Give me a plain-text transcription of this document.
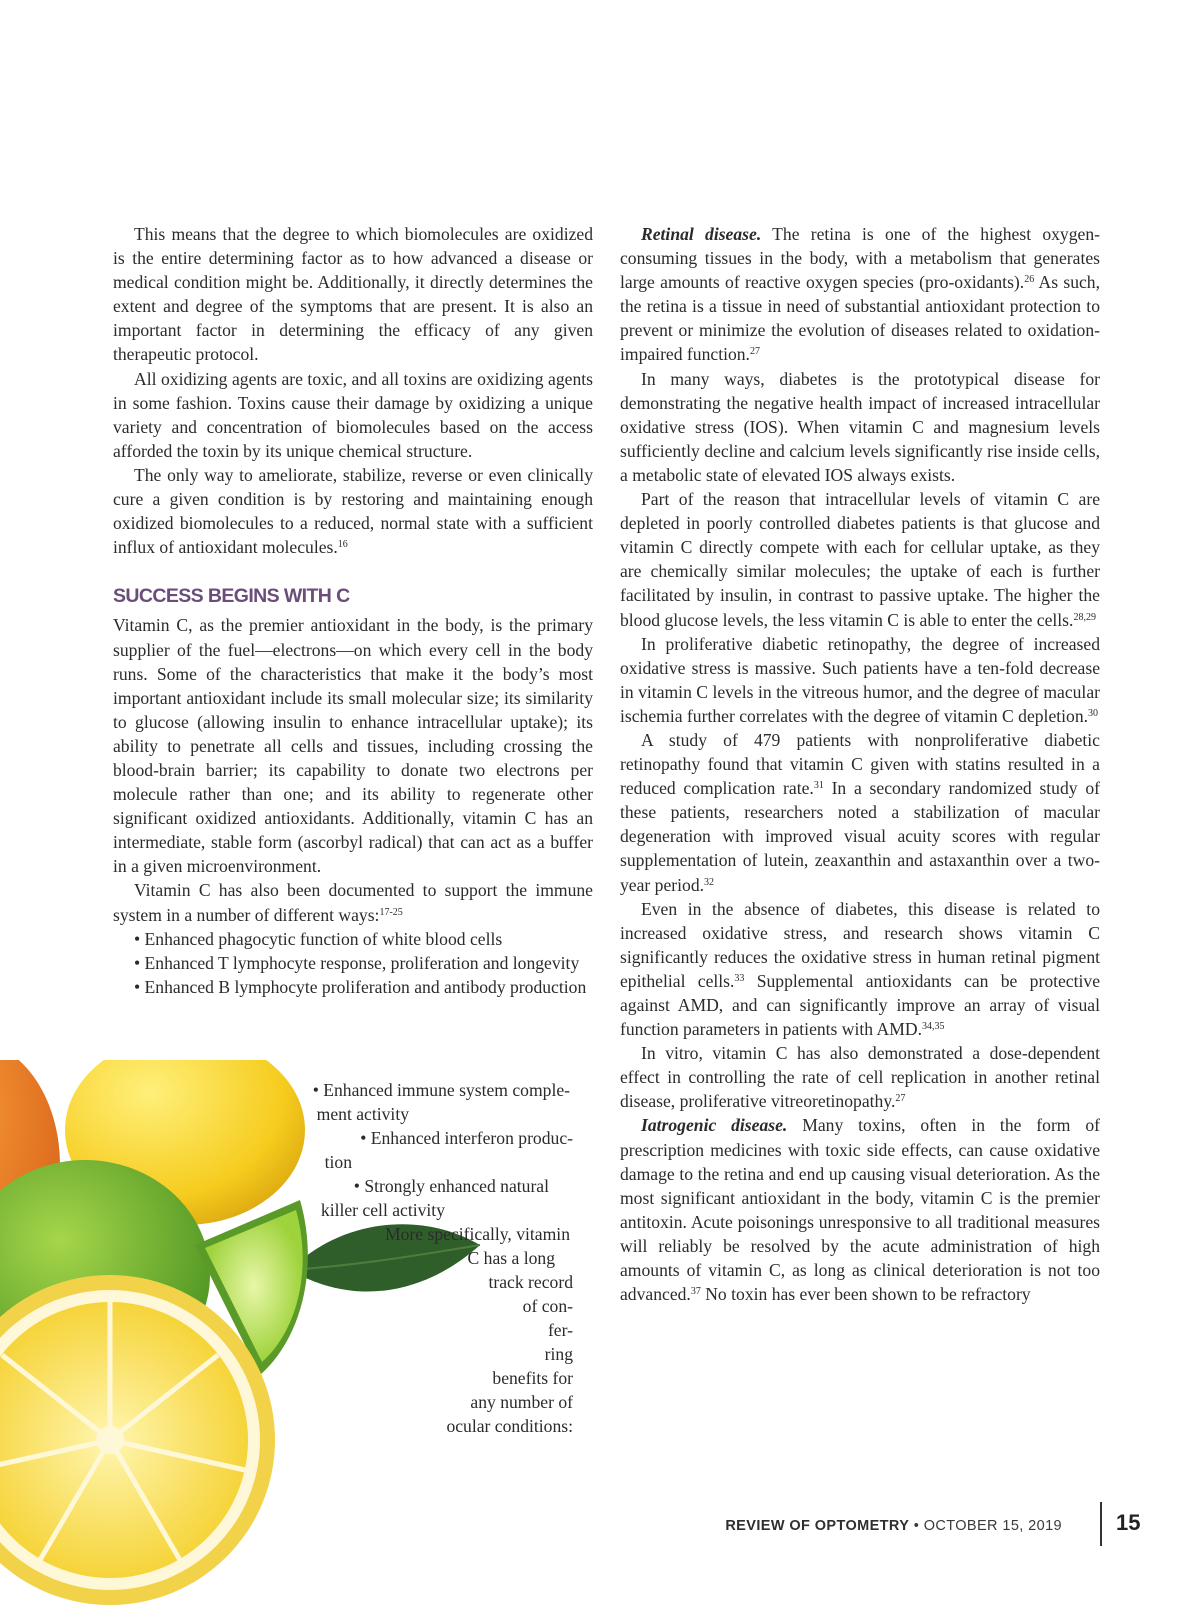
This means that the degree to which biomolecules are oxidized is the entire determining factor as to how advanced a disease or medical condition might be. Additionally, it directly determines the extent and degree of the symptoms that are present. It is also an important factor in determining the efficacy of any given therapeutic protocol.

All oxidizing agents are toxic, and all toxins are oxidizing agents in some fashion. Toxins cause their damage by oxidizing a unique variety and concentration of biomolecules based on the access afforded the toxin by its unique chemical structure.

The only way to ameliorate, stabilize, reverse or even clinically cure a given condition is by restoring and maintaining enough oxidized biomolecules to a reduced, normal state with a sufficient influx of antioxidant molecules.$^{16}$

SUCCESS BEGINS WITH C

Vitamin C, as the premier antioxidant in the body, is the primary supplier of the fuel—electrons—on which every cell in the body runs. Some of the characteristics that make it the body’s most important antioxidant include its small molecular size; its similarity to glucose (allowing insulin to enhance intracellular uptake); its ability to penetrate all cells and tissues, including crossing the blood-brain barrier; its capability to donate two electrons per molecule rather than one; and its ability to regenerate other significant oxidized antioxidants. Additionally, vitamin C has an intermediate, stable form (ascorbyl radical) that can act as a buffer in a given microenvironment.

Vitamin C has also been documented to support the immune system in a number of different ways:$^{17-25}$

• Enhanced phagocytic function of white blood cells

• Enhanced T lymphocyte response, proliferation and longevity

• Enhanced B lymphocyte proliferation and antibody production

• Enhanced immune system comple-
ment activity
• Enhanced interferon produc-
tion
• Strongly enhanced natural
killer cell activity
More specifically, vitamin
C has a long
track record
of con-
fer-
ring
benefits for
any number of
ocular conditions:

Retinal disease. The retina is one of the highest oxygen-consuming tissues in the body, with a metabolism that generates large amounts of reactive oxygen species (pro-oxidants).$^{26}$ As such, the retina is a tissue in need of substantial antioxidant protection to prevent or minimize the evolution of diseases related to oxidation-impaired function.$^{27}$

In many ways, diabetes is the prototypical disease for demonstrating the negative health impact of increased intracellular oxidative stress (IOS). When vitamin C and magnesium levels sufficiently decline and calcium levels significantly rise inside cells, a metabolic state of elevated IOS always exists.

Part of the reason that intracellular levels of vitamin C are depleted in poorly controlled diabetes patients is that glucose and vitamin C directly compete with each for cellular uptake, as they are chemically similar molecules; the uptake of each is further facilitated by insulin, in contrast to passive uptake. The higher the blood glucose levels, the less vitamin C is able to enter the cells.$^{28,29}$

In proliferative diabetic retinopathy, the degree of increased oxidative stress is massive. Such patients have a ten-fold decrease in vitamin C levels in the vitreous humor, and the degree of macular ischemia further correlates with the degree of vitamin C depletion.$^{30}$

A study of 479 patients with nonproliferative diabetic retinopathy found that vitamin C given with statins resulted in a reduced complication rate.$^{31}$ In a secondary randomized study of these patients, researchers noted a stabilization of macular degeneration with improved visual acuity scores with regular supplementation of lutein, zeaxanthin and astaxanthin over a two-year period.$^{32}$

Even in the absence of diabetes, this disease is related to increased oxidative stress, and research shows vitamin C significantly reduces the oxidative stress in human retinal pigment epithelial cells.$^{33}$ Supplemental antioxidants can be protective against AMD, and can significantly improve an array of visual function parameters in patients with AMD.$^{34,35}$

In vitro, vitamin C has also demonstrated a dose-dependent effect in controlling the rate of cell replication in another retinal disease, proliferative vitreoretinopathy.$^{27}$

Iatrogenic disease. Many toxins, often in the form of prescription medicines with toxic side effects, can cause oxidative damage to the retina and end up causing visual deterioration. As the most significant antioxidant in the body, vitamin C is the premier antitoxin. Acute poisonings unresponsive to all traditional measures will reliably be resolved by the acute administration of high amounts of vitamin C, as long as clinical deterioration is not too advanced.$^{37}$ No toxin has ever been shown to be refractory

REVIEW OF OPTOMETRY • OCTOBER 15, 2019 15
